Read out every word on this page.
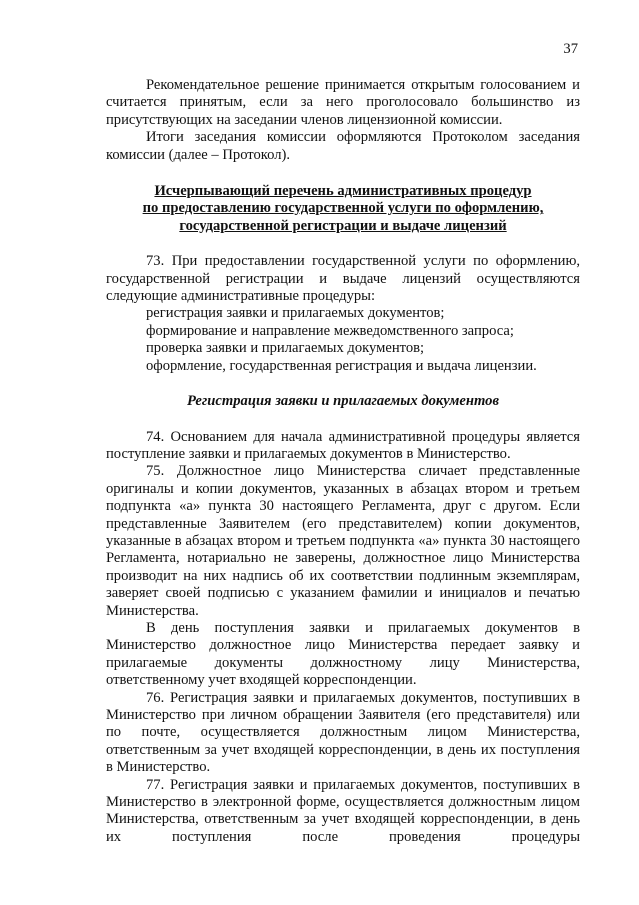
37

Рекомендательное решение принимается открытым голосованием и считается принятым, если за него проголосовало большинство из присутствующих на заседании членов лицензионной комиссии.

Итоги заседания комиссии оформляются Протоколом заседания комиссии (далее – Протокол).

Исчерпывающий перечень административных процедур

по предоставлению государственной услуги по оформлению,

государственной регистрации и выдаче лицензий

73. При предоставлении государственной услуги по оформлению, государственной регистрации и выдаче лицензий осуществляются следующие административные процедуры:

регистрация заявки и прилагаемых документов;

формирование и направление межведомственного запроса;

проверка заявки и прилагаемых документов;

оформление, государственная регистрация и выдача лицензии.

Регистрация заявки и прилагаемых документов

74. Основанием для начала административной процедуры является поступление заявки и прилагаемых документов в Министерство.

75. Должностное лицо Министерства сличает представленные оригиналы и копии документов, указанных в абзацах втором и третьем подпункта «а» пункта 30 настоящего Регламента, друг с другом. Если представленные Заявителем (его представителем) копии документов, указанные в абзацах втором и третьем подпункта «а» пункта 30 настоящего Регламента, нотариально не заверены, должностное лицо Министерства производит на них надпись об их соответствии подлинным экземплярам, заверяет своей подписью с указанием фамилии и инициалов и печатью Министерства.

В день поступления заявки и прилагаемых документов в Министерство должностное лицо Министерства передает заявку и прилагаемые документы должностному лицу Министерства, ответственному учет входящей корреспонденции.

76. Регистрация заявки и прилагаемых документов, поступивших в Министерство при личном обращении Заявителя (его представителя) или по почте, осуществляется должностным лицом Министерства, ответственным за учет входящей корреспонденции, в день их поступления в Министерство.

77. Регистрация заявки и прилагаемых документов, поступивших в Министерство в электронной форме, осуществляется должностным лицом Министерства, ответственным за учет входящей корреспонденции, в день их поступления после проведения процедуры
